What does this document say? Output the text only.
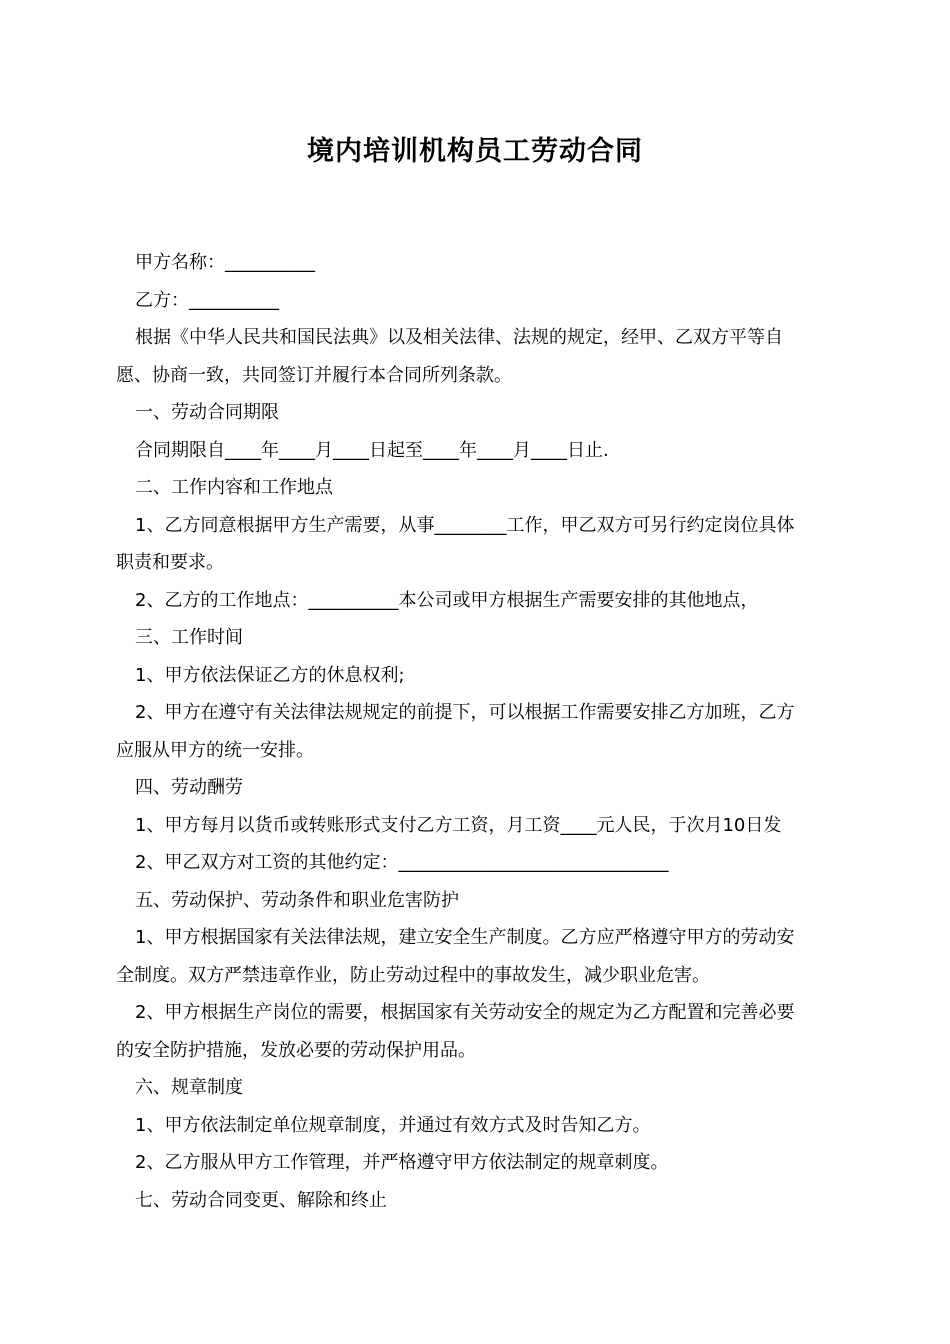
境内培训机构员工劳动合同

甲方名称：__________

乙方：__________

根据《中华人民共和国民法典》以及相关法律、法规的规定，经甲、乙双方平等自

愿、协商一致，共同签订并履行本合同所列条款。

一、劳动合同期限

合同期限自____年____月____日起至____年____月____日止.

二、工作内容和工作地点

1、乙方同意根据甲方生产需要，从事________工作，甲乙双方可另行约定岗位具体

职责和要求。

2、乙方的工作地点：__________本公司或甲方根据生产需要安排的其他地点，

三、工作时间

1、甲方依法保证乙方的休息权利;

2、甲方在遵守有关法律法规规定的前提下，可以根据工作需要安排乙方加班，乙方

应服从甲方的统一安排。

四、劳动酬劳

1、甲方每月以货币或转账形式支付乙方工资，月工资____元人民，于次月10日发

2、甲乙双方对工资的其他约定：______________________________

五、劳动保护、劳动条件和职业危害防护

1、甲方根据国家有关法律法规，建立安全生产制度。乙方应严格遵守甲方的劳动安

全制度。双方严禁违章作业，防止劳动过程中的事故发生，减少职业危害。

2、甲方根据生产岗位的需要，根据国家有关劳动安全的规定为乙方配置和完善必要

的安全防护措施，发放必要的劳动保护用品。

六、规章制度

1、甲方依法制定单位规章制度，并通过有效方式及时告知乙方。

2、乙方服从甲方工作管理，并严格遵守甲方依法制定的规章刺度。

七、劳动合同变更、解除和终止
